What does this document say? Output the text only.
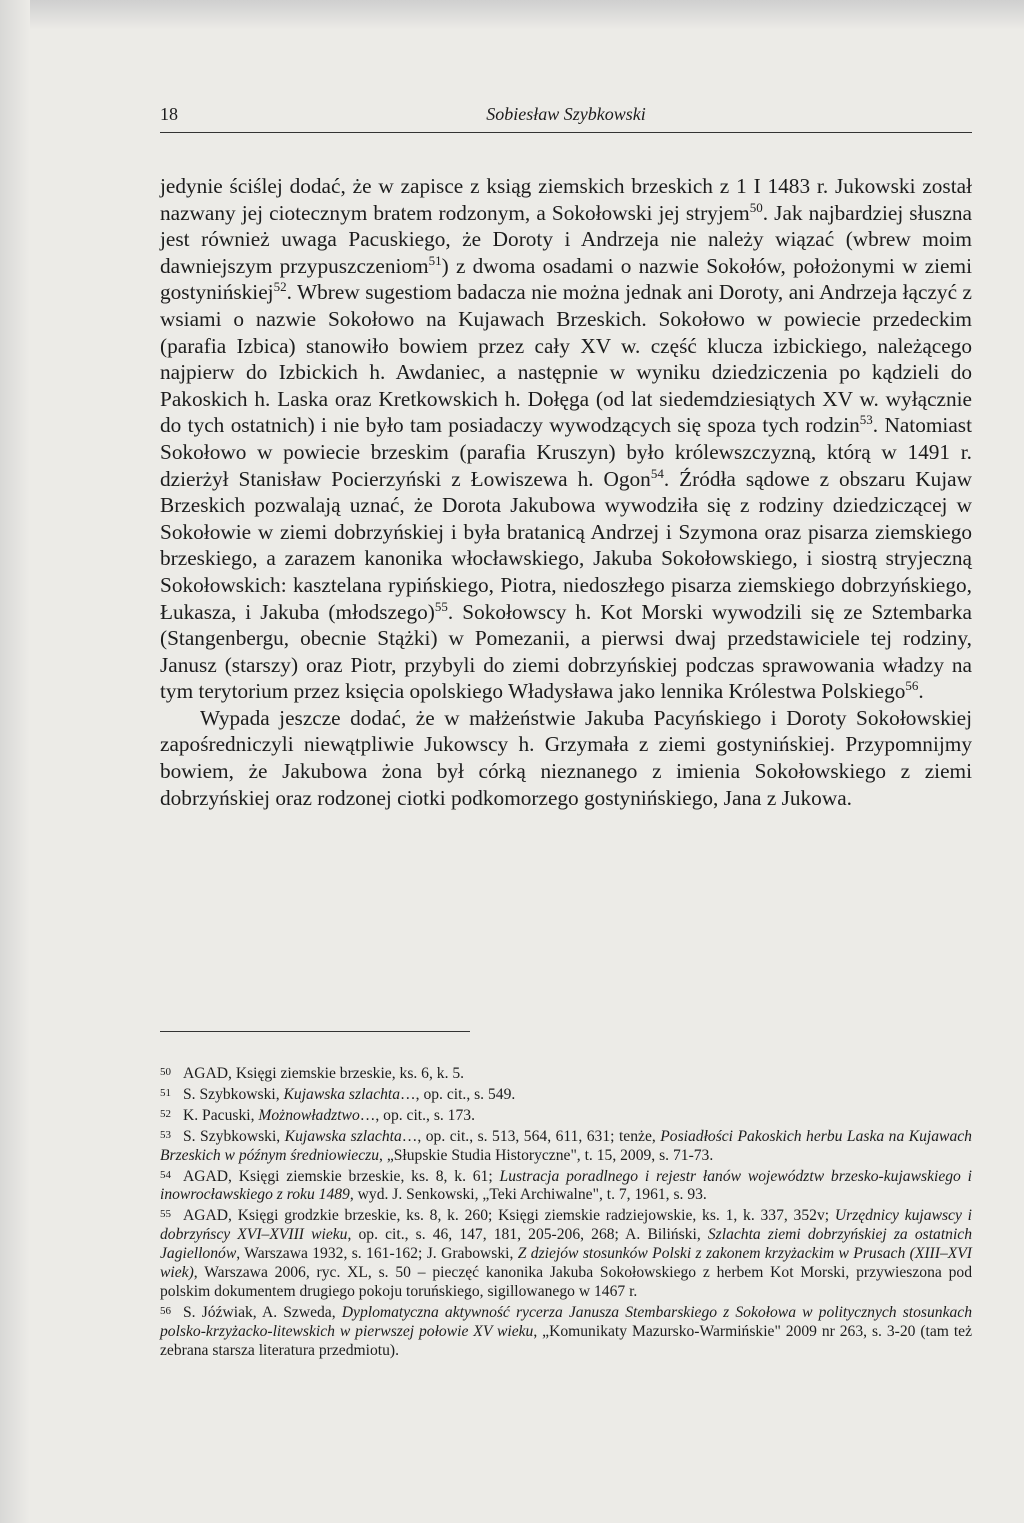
18	Sobiesław Szybkowski

jedynie ściślej dodać, że w zapisce z ksiąg ziemskich brzeskich z 1 I 1483 r. Jukowski został nazwany jej ciotecznym bratem rodzonym, a Sokołowski jej stryjem$^{50}$. Jak najbardziej słuszna jest również uwaga Pacuskiego, że Doroty i Andrzeja nie należy wiązać (wbrew moim dawniejszym przypuszczeniom$^{51}$) z dwoma osadami o nazwie Sokołów, położonymi w ziemi gostynińskiej$^{52}$. Wbrew sugestiom badacza nie można jednak ani Doroty, ani Andrzeja łączyć z wsiami o nazwie Sokołowo na Kujawach Brzeskich. Sokołowo w powiecie przedeckim (parafia Izbica) stanowiło bowiem przez cały XV w. część klucza izbickiego, należącego najpierw do Izbickich h. Awdaniec, a następnie w wyniku dziedziczenia po kądzieli do Pakoskich h. Laska oraz Kretkowskich h. Dołęga (od lat siedemdziesiątych XV w. wyłącznie do tych ostatnich) i nie było tam posiadaczy wywodzących się spoza tych rodzin$^{53}$. Natomiast Sokołowo w powiecie brzeskim (parafia Kruszyn) było królewszczyzną, którą w 1491 r. dzierżył Stanisław Pocierzyński z Łowiszewa h. Ogon$^{54}$. Źródła sądowe z obszaru Kujaw Brzeskich pozwalają uznać, że Dorota Jakubowa wywodziła się z rodziny dziedziczącej w Sokołowie w ziemi dobrzyńskiej i była bratanicą Andrzej i Szymona oraz pisarza ziemskiego brzeskiego, a zarazem kanonika włocławskiego, Jakuba Sokołowskiego, i siostrą stryjeczną Sokołowskich: kasztelana rypińskiego, Piotra, niedoszłego pisarza ziemskiego dobrzyńskiego, Łukasza, i Jakuba (młodszego)$^{55}$. Sokołowscy h. Kot Morski wywodzili się ze Sztembarka (Stangenbergu, obecnie Stążki) w Pomezanii, a pierwsi dwaj przedstawiciele tej rodziny, Janusz (starszy) oraz Piotr, przybyli do ziemi dobrzyńskiej podczas sprawowania władzy na tym terytorium przez księcia opolskiego Władysława jako lennika Królestwa Polskiego$^{56}$.

Wypada jeszcze dodać, że w małżeństwie Jakuba Pacyńskiego i Doroty Sokołowskiej zapośredniczyli niewątpliwie Jukowscy h. Grzymała z ziemi gostynińskiej. Przypomnijmy bowiem, że Jakubowa żona był córką nieznanego z imienia Sokołowskiego z ziemi dobrzyńskiej oraz rodzonej ciotki podkomorzego gostynińskiego, Jana z Jukowa.

50 AGAD, Księgi ziemskie brzeskie, ks. 6, k. 5.

51 S. Szybkowski, Kujawska szlachta…, op. cit., s. 549.

52 K. Pacuski, Możnowładztwo…, op. cit., s. 173.

53 S. Szybkowski, Kujawska szlachta…, op. cit., s. 513, 564, 611, 631; tenże, Posiadłości Pakoskich herbu Laska na Kujawach Brzeskich w późnym średniowieczu, „Słupskie Studia Historyczne", t. 15, 2009, s. 71-73.

54 AGAD, Księgi ziemskie brzeskie, ks. 8, k. 61; Lustracja poradlnego i rejestr łanów województw brzesko-kujawskiego i inowrocławskiego z roku 1489, wyd. J. Senkowski, „Teki Archiwalne", t. 7, 1961, s. 93.

55 AGAD, Księgi grodzkie brzeskie, ks. 8, k. 260; Księgi ziemskie radziejowskie, ks. 1, k. 337, 352v; Urzędnicy kujawscy i dobrzyńscy XVI–XVIII wieku, op. cit., s. 46, 147, 181, 205-206, 268; A. Biliński, Szlachta ziemi dobrzyńskiej za ostatnich Jagiellonów, Warszawa 1932, s. 161-162; J. Grabowski, Z dziejów stosunków Polski z zakonem krzyżackim w Prusach (XIII–XVI wiek), Warszawa 2006, ryc. XL, s. 50 – pieczęć kanonika Jakuba Sokołowskiego z herbem Kot Morski, przywieszona pod polskim dokumentem drugiego pokoju toruńskiego, sigillowanego w 1467 r.

56 S. Jóźwiak, A. Szweda, Dyplomatyczna aktywność rycerza Janusza Stembarskiego z Sokołowa w politycznych stosunkach polsko-krzyżacko-litewskich w pierwszej połowie XV wieku, „Komunikaty Mazursko-Warmińskie" 2009 nr 263, s. 3-20 (tam też zebrana starsza literatura przedmiotu).
